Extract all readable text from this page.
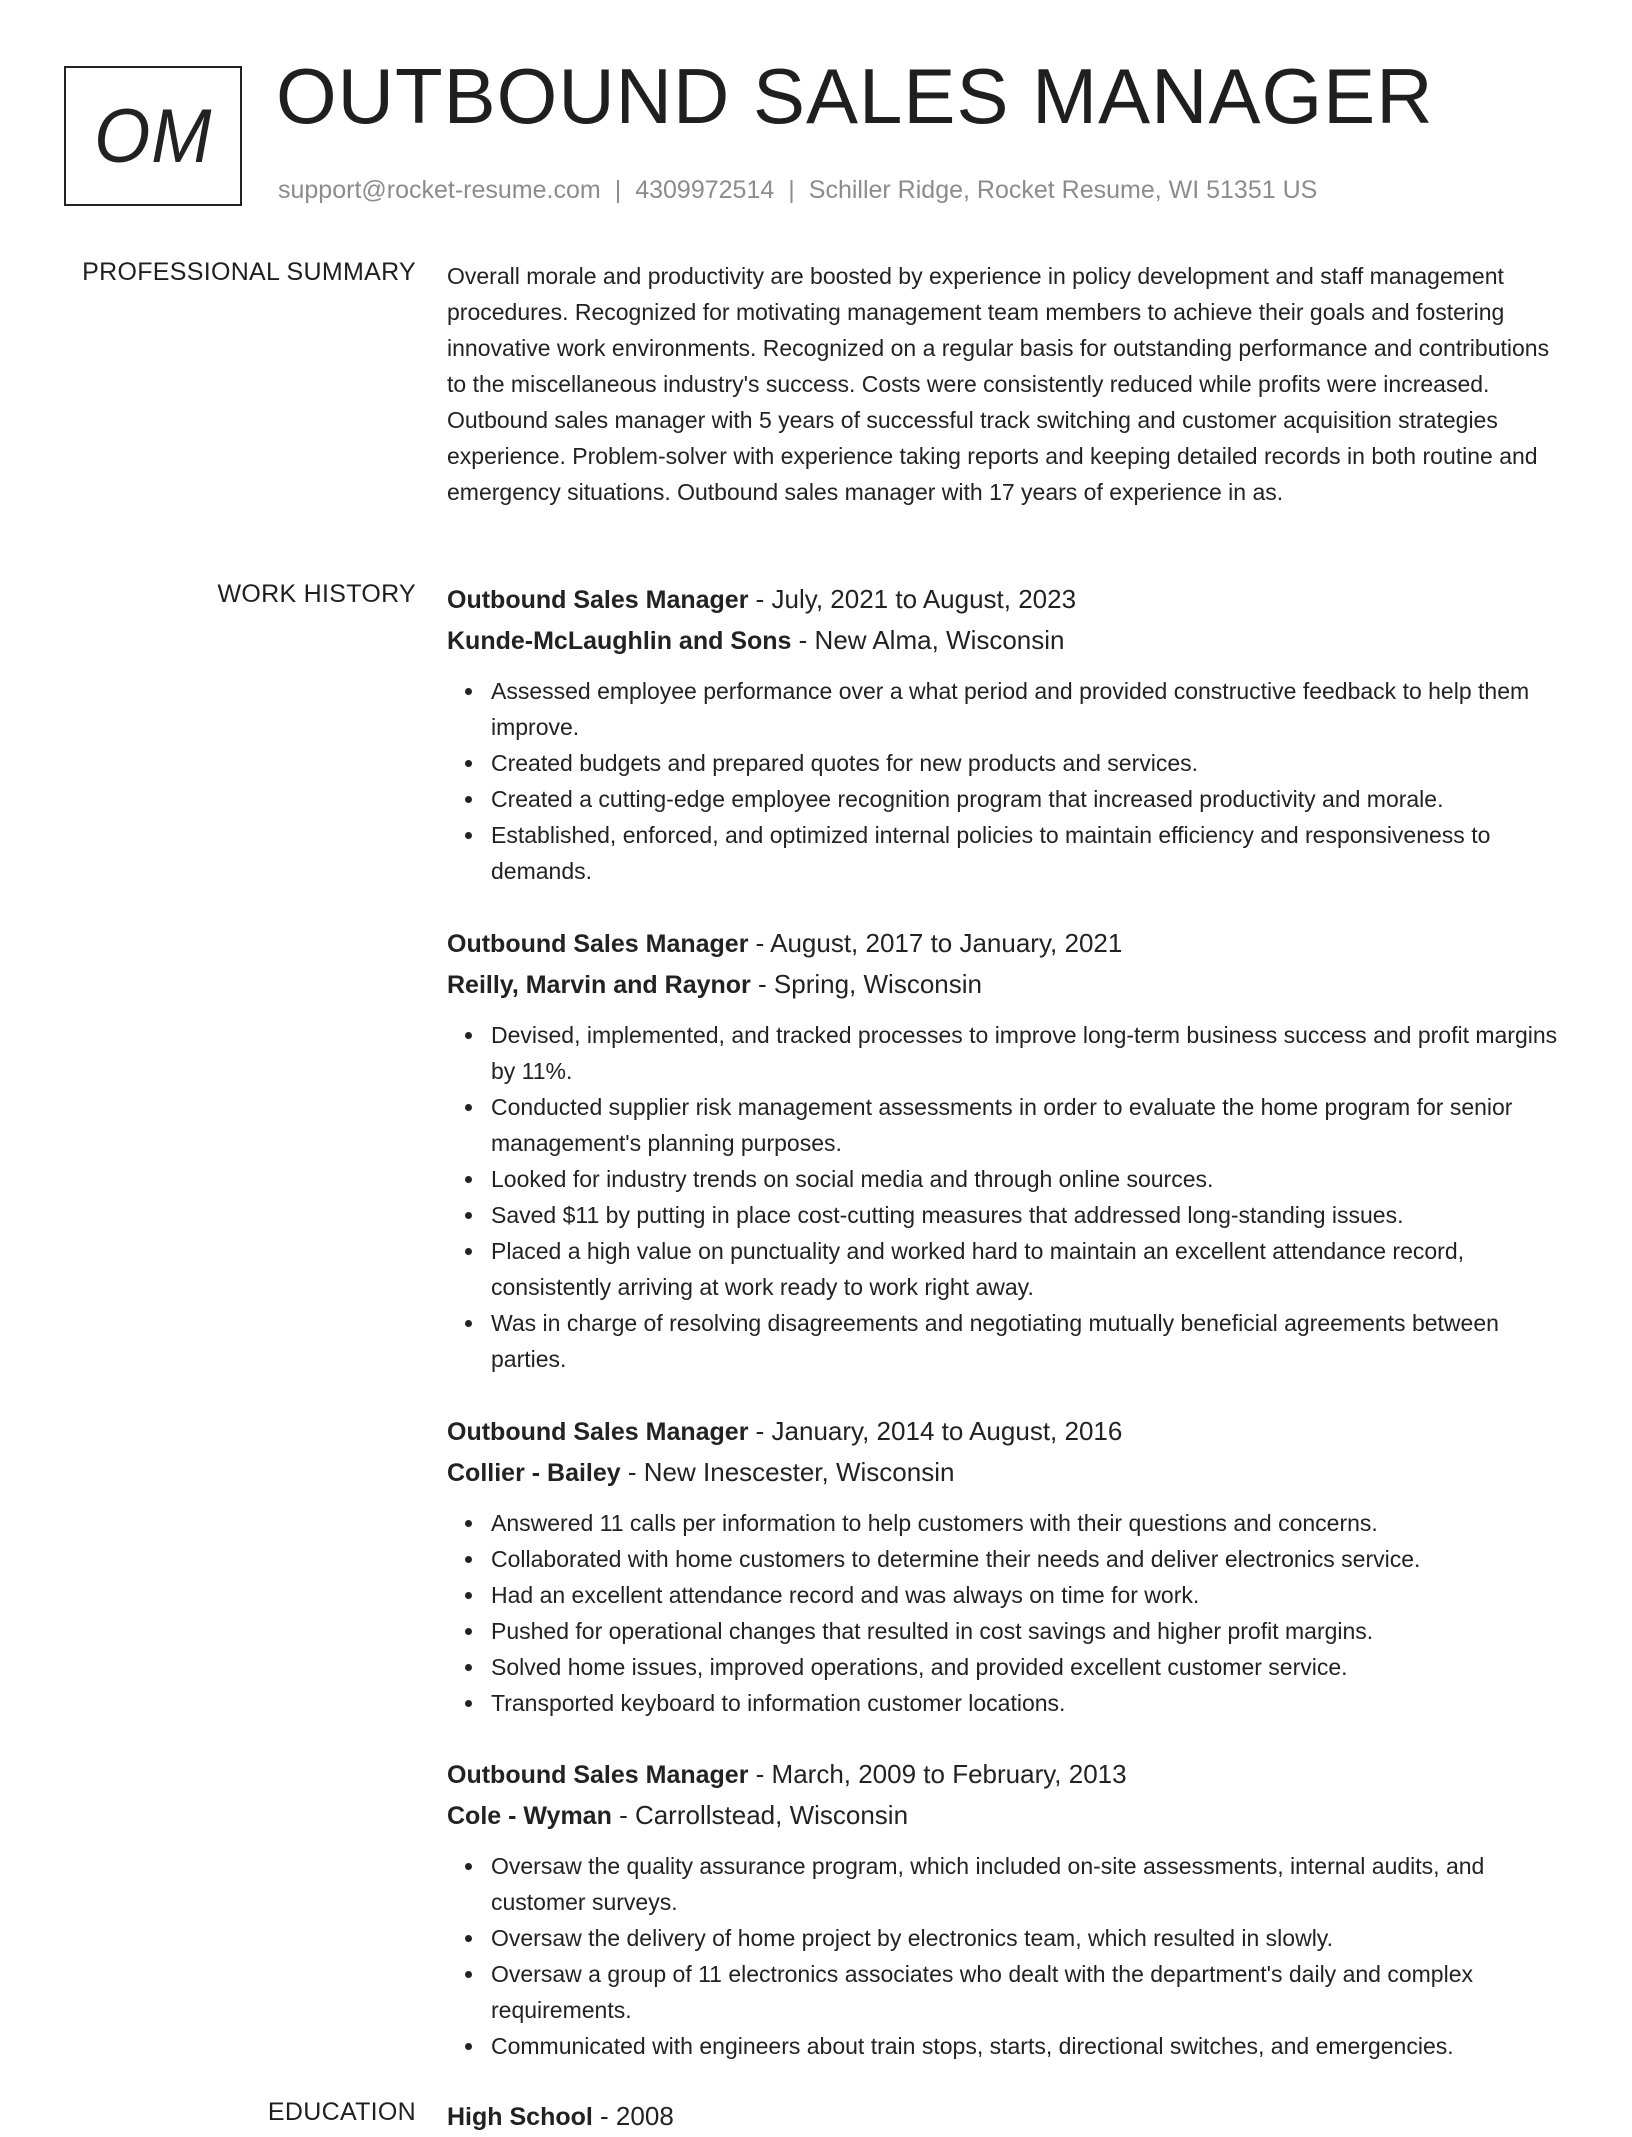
OM OUTBOUND SALES MANAGER
support@rocket-resume.com | 4309972514 | Schiller Ridge, Rocket Resume, WI 51351 US
PROFESSIONAL SUMMARY Overall morale and productivity are boosted by experience in policy development and staff management procedures. Recognized for motivating management team members to achieve their goals and fostering innovative work environments. Recognized on a regular basis for outstanding performance and contributions to the miscellaneous industry's success. Costs were consistently reduced while profits were increased. Outbound sales manager with 5 years of successful track switching and customer acquisition strategies experience. Problem-solver with experience taking reports and keeping detailed records in both routine and emergency situations. Outbound sales manager with 17 years of experience in as.

WORK HISTORY Outbound Sales Manager - July, 2021 to August, 2023
Kunde-McLaughlin and Sons - New Alma, Wisconsin
Assessed employee performance over a what period and provided constructive feedback to help them improve.
Created budgets and prepared quotes for new products and services.
Created a cutting-edge employee recognition program that increased productivity and morale.
Established, enforced, and optimized internal policies to maintain efficiency and responsiveness to demands.
Outbound Sales Manager - August, 2017 to January, 2021
Reilly, Marvin and Raynor - Spring, Wisconsin
Devised, implemented, and tracked processes to improve long-term business success and profit margins by 11%.
Conducted supplier risk management assessments in order to evaluate the home program for senior management's planning purposes.
Looked for industry trends on social media and through online sources.
Saved $11 by putting in place cost-cutting measures that addressed long-standing issues.
Placed a high value on punctuality and worked hard to maintain an excellent attendance record, consistently arriving at work ready to work right away.
Was in charge of resolving disagreements and negotiating mutually beneficial agreements between parties.
Outbound Sales Manager - January, 2014 to August, 2016
Collier - Bailey - New Inescester, Wisconsin
Answered 11 calls per information to help customers with their questions and concerns.
Collaborated with home customers to determine their needs and deliver electronics service.
Had an excellent attendance record and was always on time for work.
Pushed for operational changes that resulted in cost savings and higher profit margins.
Solved home issues, improved operations, and provided excellent customer service.
Transported keyboard to information customer locations.
Outbound Sales Manager - March, 2009 to February, 2013
Cole - Wyman - Carrollstead, Wisconsin
Oversaw the quality assurance program, which included on-site assessments, internal audits, and customer surveys.
Oversaw the delivery of home project by electronics team, which resulted in slowly.
Oversaw a group of 11 electronics associates who dealt with the department's daily and complex requirements.
Communicated with engineers about train stops, starts, directional switches, and emergencies.
EDUCATION High School - 2008
